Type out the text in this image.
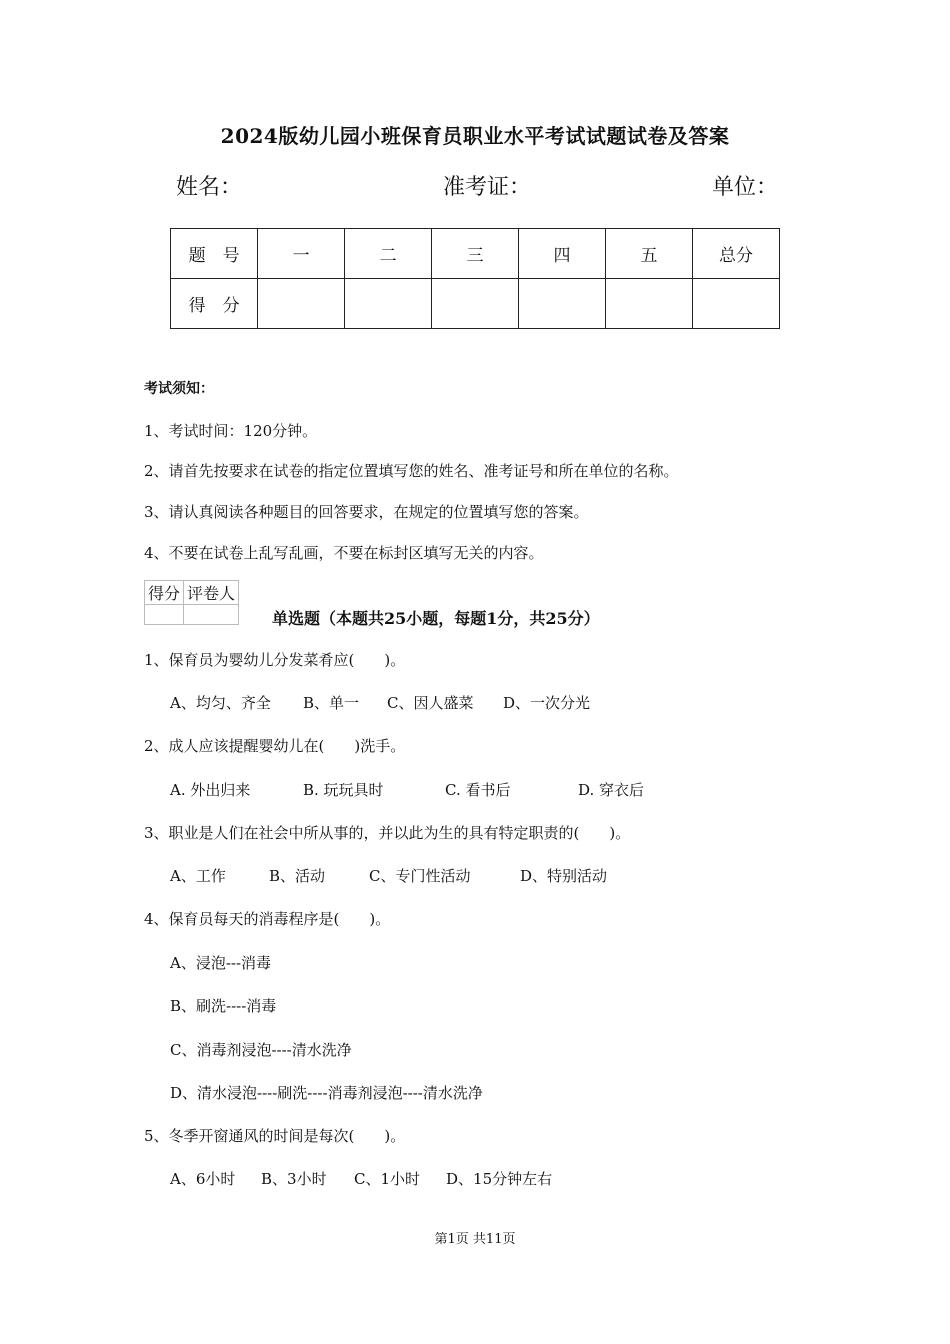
2024版幼儿园小班保育员职业水平考试试题试卷及答案
姓名：	准考证：	单位：
题　号	一	二	三	四	五	总分
得　分						
考试须知：
1、考试时间：120分钟。
2、请首先按要求在试卷的指定位置填写您的姓名、准考证号和所在单位的名称。
3、请认真阅读各种题目的回答要求，在规定的位置填写您的答案。
4、不要在试卷上乱写乱画，不要在标封区填写无关的内容。
得分	评卷人

单选题（本题共25小题，每题1分，共25分）
1、保育员为婴幼儿分发菜肴应(　　)。
A、均匀、齐全 B、单一 C、因人盛菜 D、一次分光
2、成人应该提醒婴幼儿在(　　)洗手。
A. 外出归来	B. 玩玩具时	C. 看书后	D. 穿衣后
3、职业是人们在社会中所从事的，并以此为生的具有特定职责的(　　)。
A、工作	B、活动	C、专门性活动	D、特别活动
4、保育员每天的消毒程序是(　　)。
A、浸泡---消毒
B、刷洗----消毒
C、消毒剂浸泡----清水洗净
D、清水浸泡----刷洗----消毒剂浸泡----清水洗净
5、冬季开窗通风的时间是每次(　　)。
A、6小时 B、3小时 C、1小时 D、15分钟左右
第1页 共11页
